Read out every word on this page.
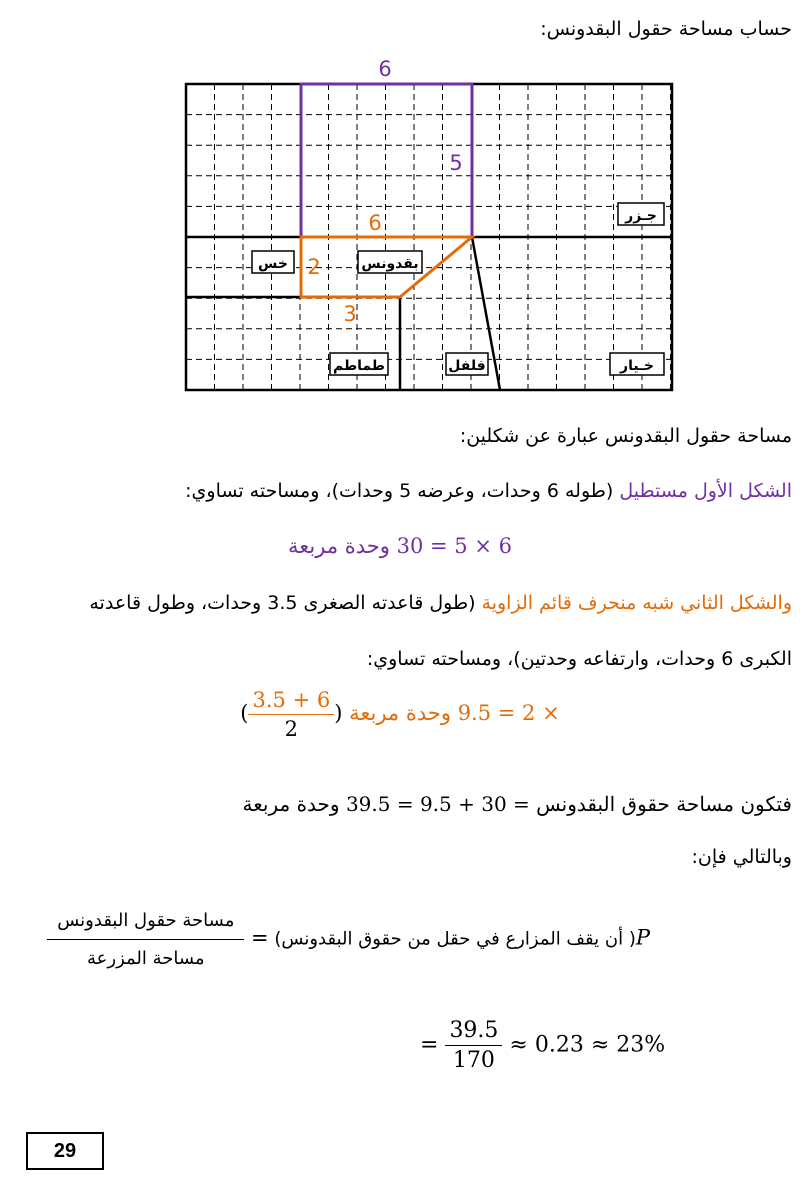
حساب مساحة حقول البقدونس:
6
5
6
2
3
جـزر
خس	بقدونس
طماطم	فلفل	خـيار
مساحة حقول البقدونس عبارة عن شكلين:
الشكل الأول مستطيل (طوله 6 وحدات، وعرضه 5 وحدات)، ومساحته تساوي:
6 × 5 = 30 وحدة مربعة
والشكل الثاني شبه منحرف قائم الزاوية (طول قاعدته الصغرى 3.5 وحدات، وطول قاعدته
الكبرى 6 وحدات، وارتفاعه وحدتين)، ومساحته تساوي:
× 2 = 9.5 وحدة مربعة (
$\frac{6 + 3.5}{2}$
)
فتكون مساحة حقوق البقدونس = 30 + 9.5 = 39.5 وحدة مربعة
وبالتالي فإن:
P( أن يقف المزارع في حقل من حقوق البقدونس) =
$\frac{\text{مساحة حقول البقدونس}}{\text{مساحة المزرعة}}$
= $\frac{39.5}{170} \approx 0.23 \approx 23\%$
29
